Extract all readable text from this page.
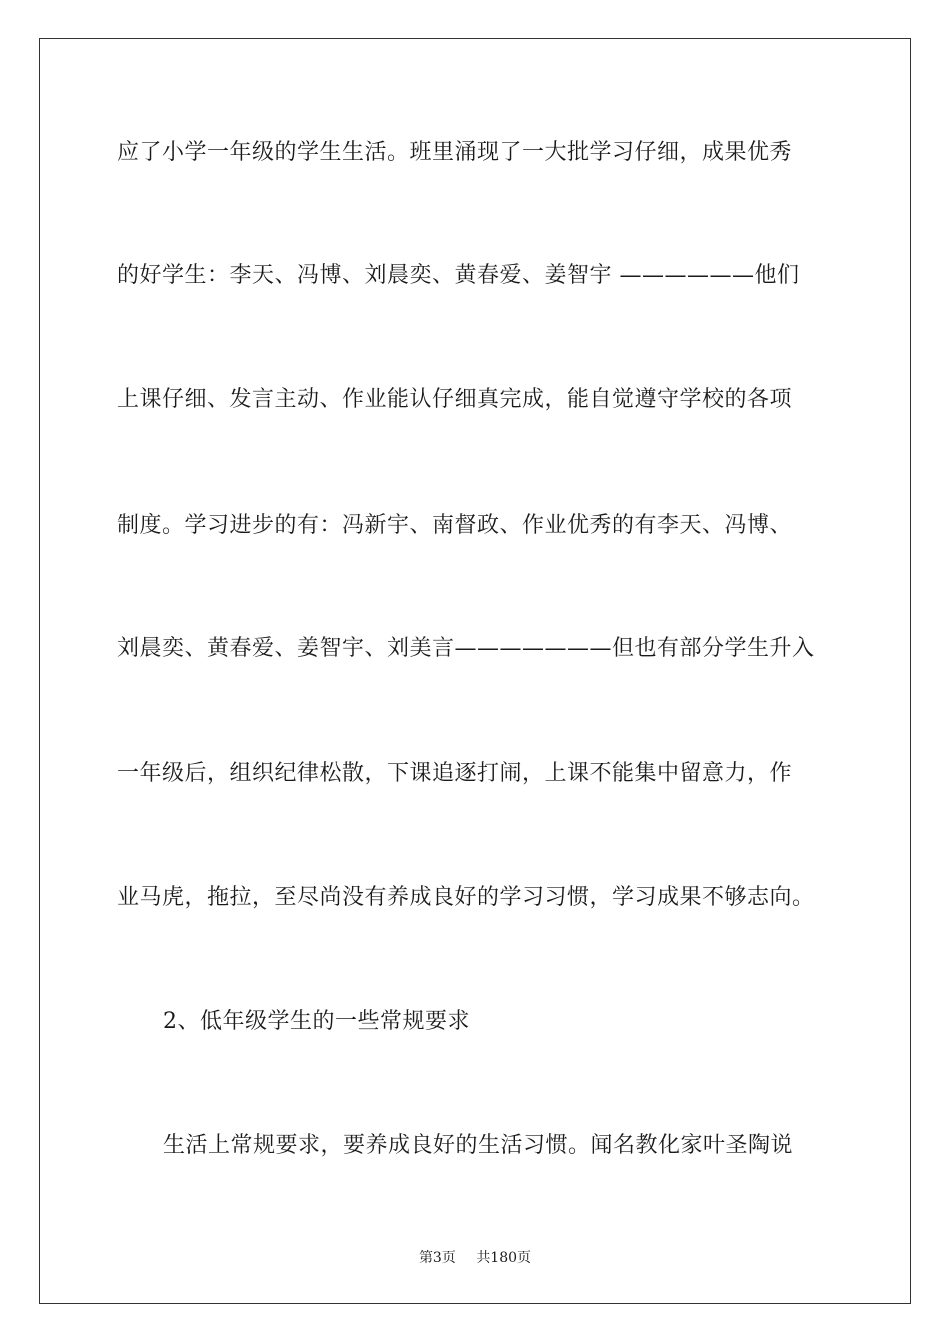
应了小学一年级的学生生活。班里涌现了一大批学习仔细，成果优秀
的好学生：李天、冯博、刘晨奕、黄春爱、姜智宇 ——————他们
上课仔细、发言主动、作业能认仔细真完成，能自觉遵守学校的各项
制度。学习进步的有：冯新宇、南督政、作业优秀的有李天、冯博、
刘晨奕、黄春爱、姜智宇、刘美言———————但也有部分学生升入
一年级后，组织纪律松散，下课追逐打闹，上课不能集中留意力，作
业马虎，拖拉，至尽尚没有养成良好的学习习惯，学习成果不够志向。
2、低年级学生的一些常规要求
生活上常规要求，要养成良好的生活习惯。闻名教化家叶圣陶说
第3页 共180页
